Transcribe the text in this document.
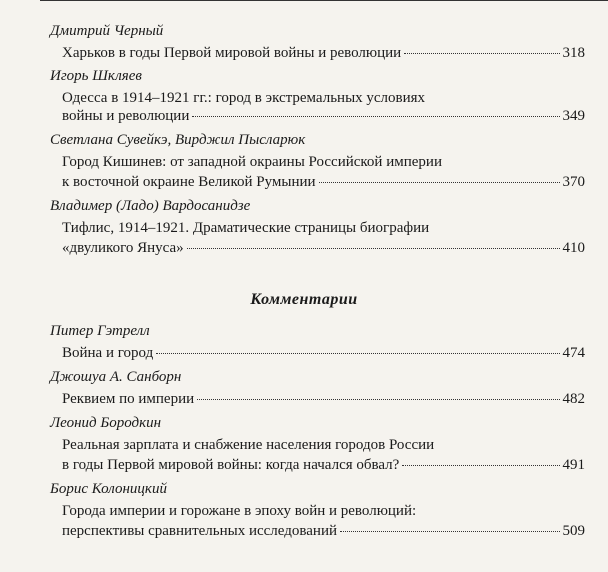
Дмитрий Черный
Харьков в годы Первой мировой войны и революции	318
Игорь Шкляев
Одесса в 1914–1921 гг.: город в экстремальных условиях
войны и революции	349
Светлана Сувейкэ, Вирджил Пысларюк
Город Кишинев: от западной окраины Российской империи
к восточной окраине Великой Румынии	370
Владимер (Ладо) Вардосанидзе
Тифлис, 1914–1921. Драматические страницы биографии
«двуликого Януса»	410
Комментарии
Питер Гэтрелл
Война и город	474
Джошуа А. Санборн
Реквием по империи	482
Леонид Бородкин
Реальная зарплата и снабжение населения городов России
в годы Первой мировой войны: когда начался обвал?	491
Борис Колоницкий
Города империи и горожане в эпоху войн и революций:
перспективы сравнительных исследований	509
